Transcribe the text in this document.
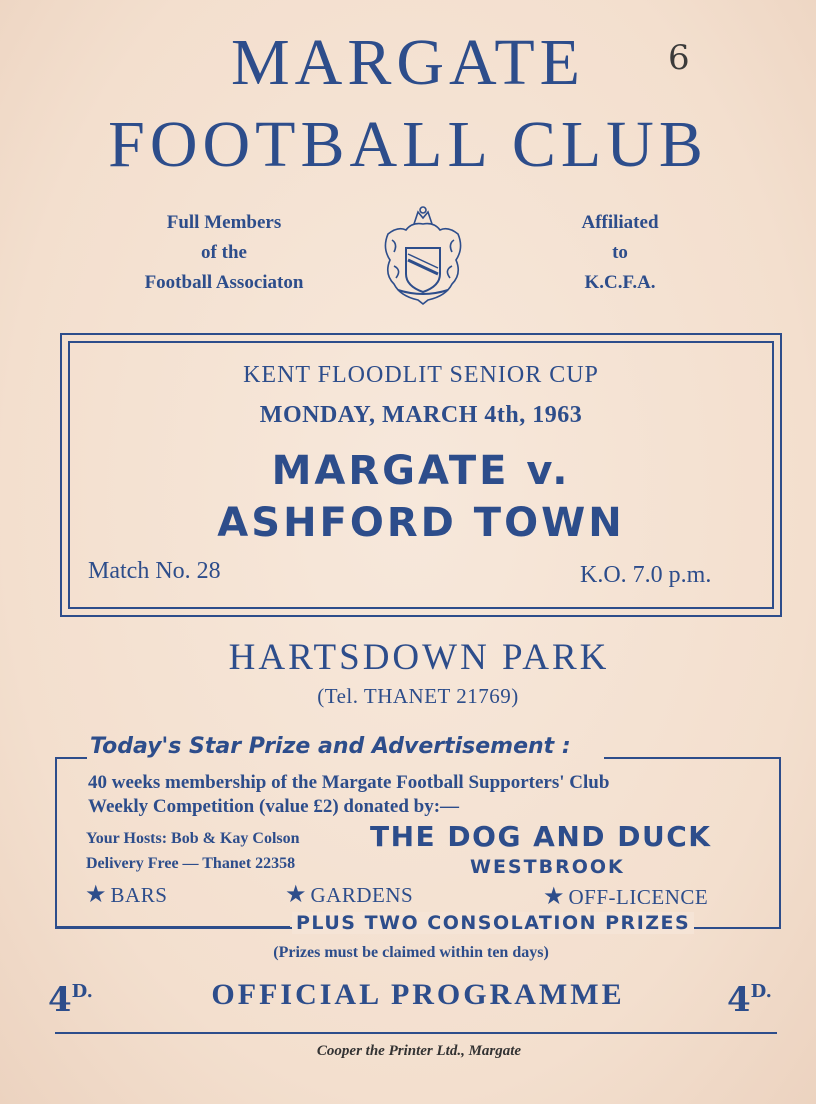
MARGATE
FOOTBALL CLUB
6
Full Members
of the
Football Associaton
Affiliated
to
K.C.F.A.
KENT FLOODLIT SENIOR CUP
MONDAY, MARCH 4th, 1963
MARGATE v.
ASHFORD TOWN
Match No. 28	K.O. 7.0 p.m.
HARTSDOWN PARK
(Tel. THANET 21769)
Today's Star Prize and Advertisement :
40 weeks membership of the Margate Football Supporters' Club
Weekly Competition (value £2) donated by:—
Your Hosts: Bob & Kay Colson
Delivery Free — Thanet 22358
THE DOG AND DUCK
WESTBROOK
★ BARS	★ GARDENS	★ OFF-LICENCE
PLUS TWO CONSOLATION PRIZES
(Prizes must be claimed within ten days)
$4^{D.}$	OFFICIAL PROGRAMME	$4^{D.}$
Cooper the Printer Ltd., Margate
